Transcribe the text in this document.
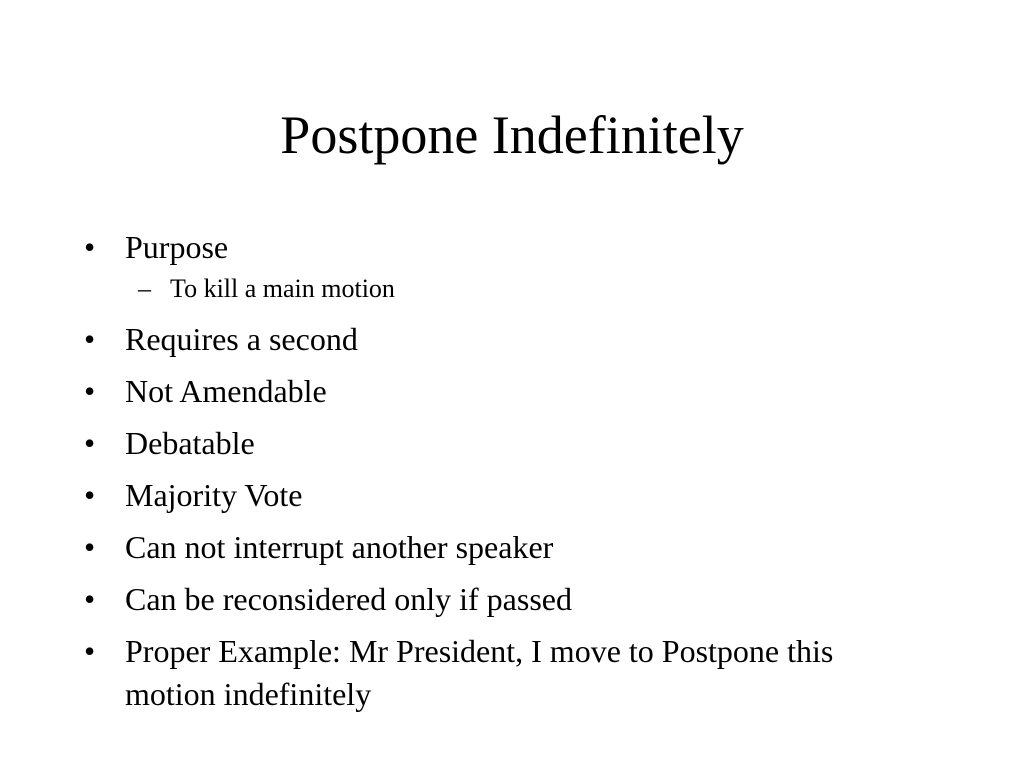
Postpone Indefinitely
• Purpose
– To kill a main motion
• Requires a second
• Not Amendable
• Debatable
• Majority Vote
• Can not interrupt another speaker
• Can be reconsidered only if passed
• Proper Example: Mr President, I move to Postpone this motion indefinitely
